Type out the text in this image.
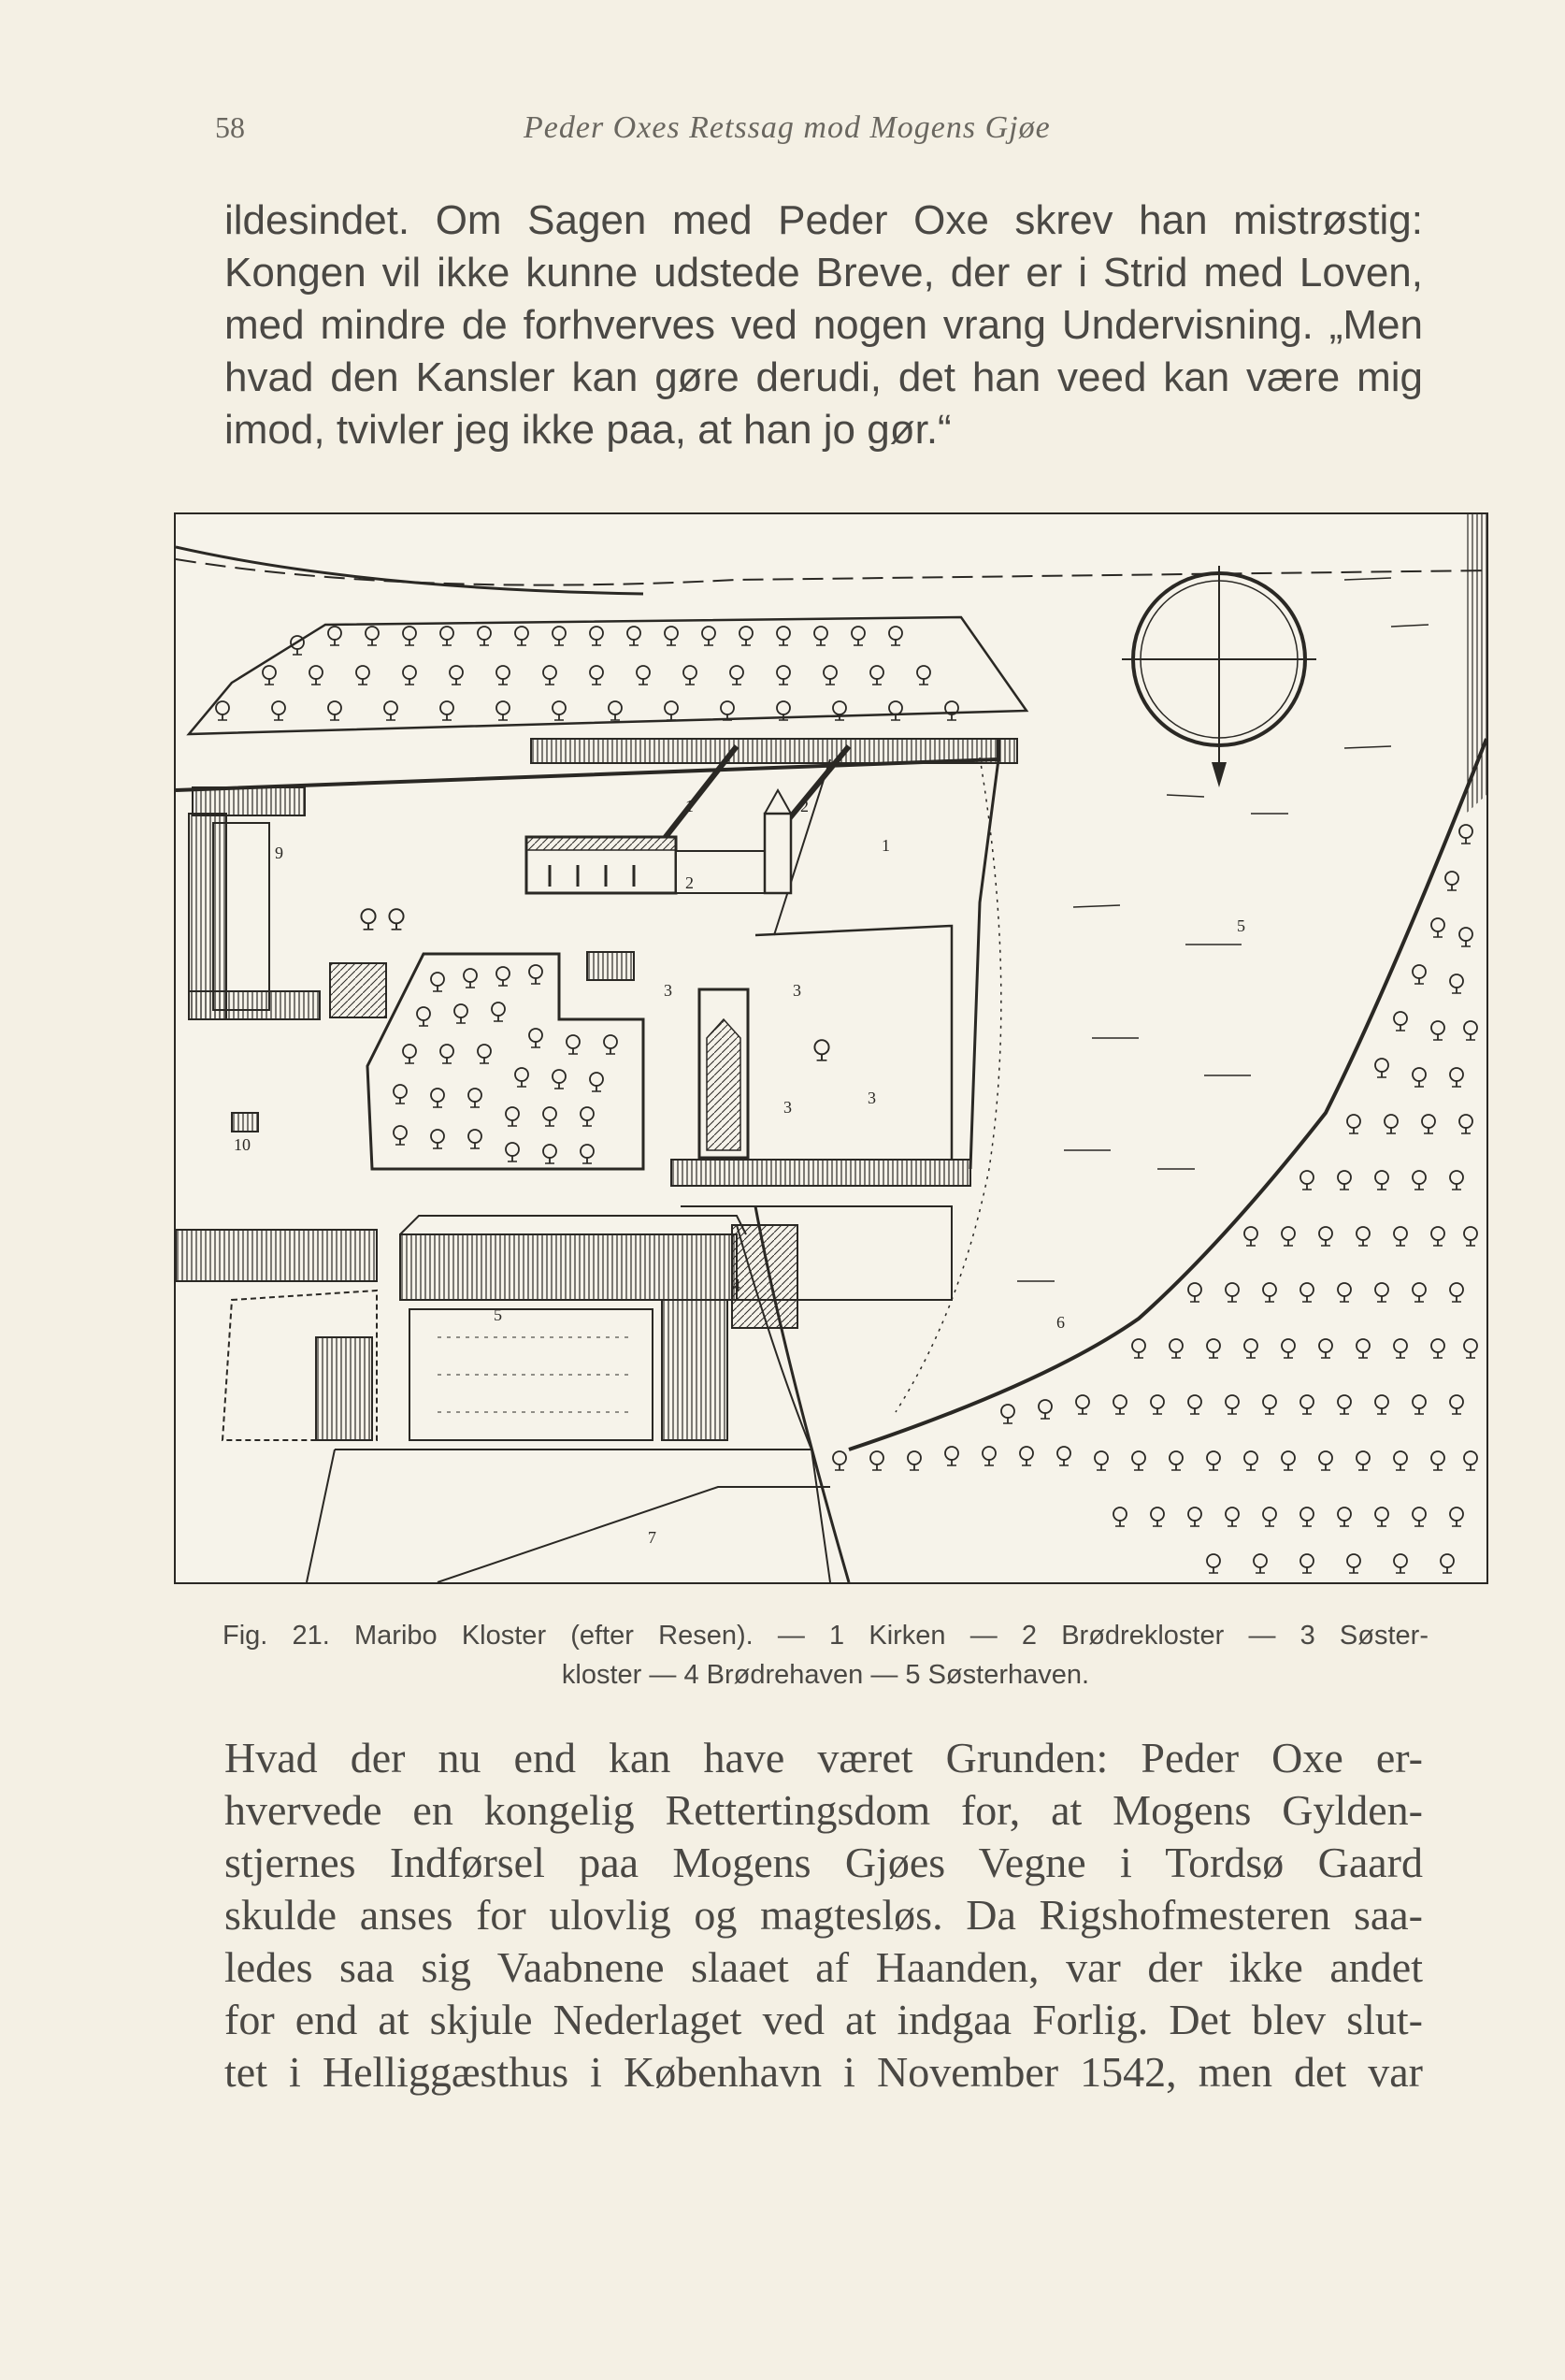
58	Peder Oxes Retssag mod Mogens Gjøe
ildesindet. Om Sagen med Peder Oxe skrev han mistrøstig:
Kongen vil ikke kunne udstede Breve, der er i Strid med Loven,
med mindre de forhverves ved nogen vrang Undervisning. „Men
hvad den Kansler kan gøre derudi, det han veed kan være mig
imod, tvivler jeg ikke paa, at han jo gør.“
1	2
2
1
3	3
3	3
5
7
9
10
6
5
4
Fig. 21. Maribo Kloster (efter Resen). — 1 Kirken — 2 Brødrekloster — 3 Søster-
kloster — 4 Brødrehaven — 5 Søsterhaven.
Hvad der nu end kan have været Grunden: Peder Oxe er-
hvervede en kongelig Rettertingsdom for, at Mogens Gylden-
stjernes Indførsel paa Mogens Gjøes Vegne i Tordsø Gaard
skulde anses for ulovlig og magtesløs. Da Rigshofmesteren saa-
ledes saa sig Vaabnene slaaet af Haanden, var der ikke andet
for end at skjule Nederlaget ved at indgaa Forlig. Det blev slut-
tet i Helliggæsthus i København i November 1542, men det var
